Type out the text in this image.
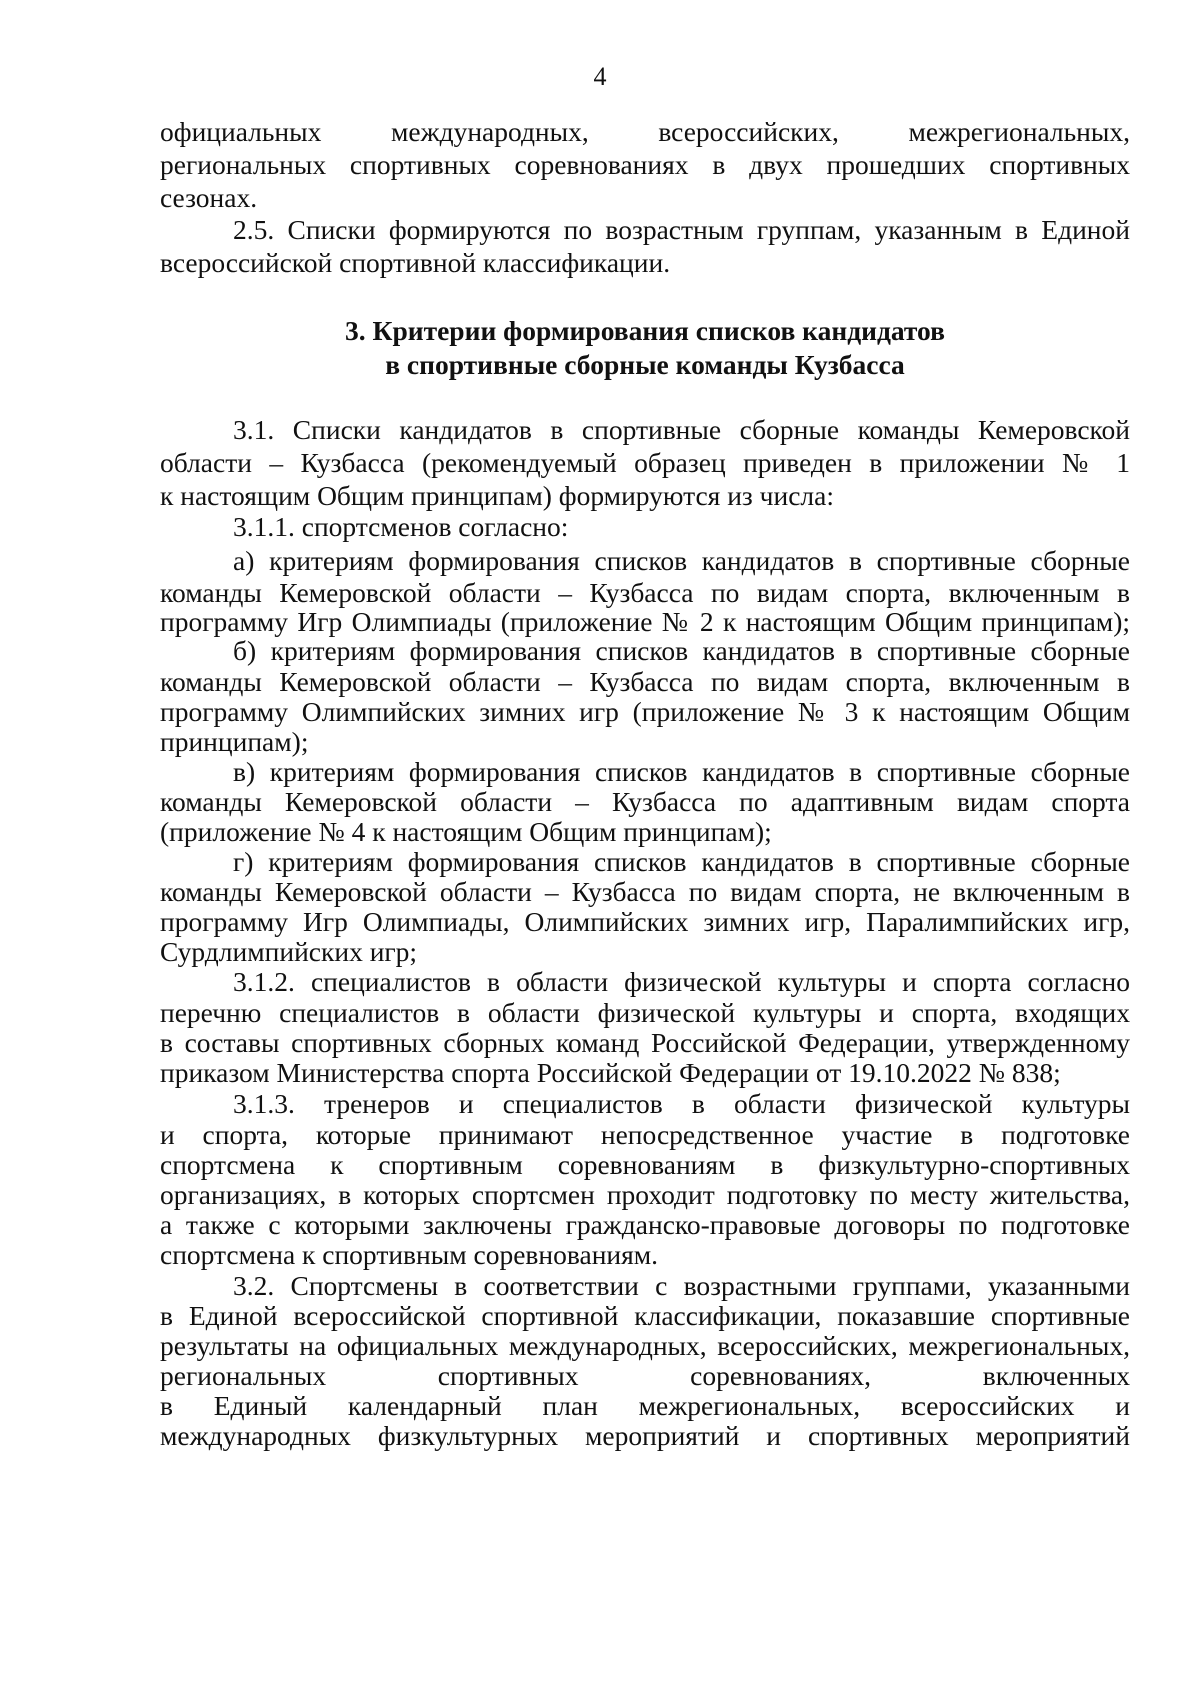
4
официальных международных, всероссийских, межрегиональных,
региональных спортивных соревнованиях в двух прошедших спортивных
сезонах.
2.5. Списки формируются по возрастным группам, указанным в Единой
всероссийской спортивной классификации.
3. Критерии формирования списков кандидатов
в спортивные сборные команды Кузбасса
3.1. Списки кандидатов в спортивные сборные команды Кемеровской
области – Кузбасса (рекомендуемый образец приведен в приложении № 1
к настоящим Общим принципам) формируются из числа:
3.1.1. спортсменов согласно:
а) критериям формирования списков кандидатов в спортивные сборные
команды Кемеровской области – Кузбасса по видам спорта, включенным в
программу Игр Олимпиады (приложение № 2 к настоящим Общим принципам);
б) критериям формирования списков кандидатов в спортивные сборные
команды Кемеровской области – Кузбасса по видам спорта, включенным в
программу Олимпийских зимних игр (приложение № 3 к настоящим Общим
принципам);
в) критериям формирования списков кандидатов в спортивные сборные
команды Кемеровской области – Кузбасса по адаптивным видам спорта
(приложение № 4 к настоящим Общим принципам);
г) критериям формирования списков кандидатов в спортивные сборные
команды Кемеровской области – Кузбасса по видам спорта, не включенным в
программу Игр Олимпиады, Олимпийских зимних игр, Паралимпийских игр,
Сурдлимпийских игр;
3.1.2. специалистов в области физической культуры и спорта согласно
перечню специалистов в области физической культуры и спорта, входящих
в составы спортивных сборных команд Российской Федерации, утвержденному
приказом Министерства спорта Российской Федерации от 19.10.2022 № 838;
3.1.3. тренеров и специалистов в области физической культуры
и спорта, которые принимают непосредственное участие в подготовке
спортсмена к спортивным соревнованиям в физкультурно-спортивных
организациях, в которых спортсмен проходит подготовку по месту жительства,
а также с которыми заключены гражданско-правовые договоры по подготовке
спортсмена к спортивным соревнованиям.
3.2. Спортсмены в соответствии с возрастными группами, указанными
в Единой всероссийской спортивной классификации, показавшие спортивные
результаты на официальных международных, всероссийских, межрегиональных,
региональных спортивных соревнованиях, включенных
в Единый календарный план межрегиональных, всероссийских и
международных физкультурных мероприятий и спортивных мероприятий
